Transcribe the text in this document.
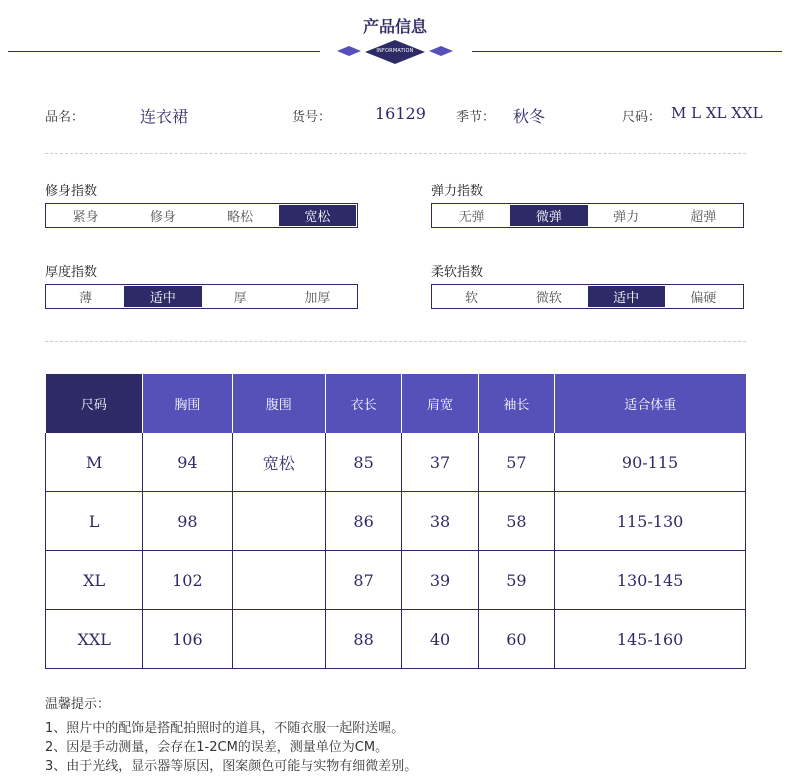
产品信息
INFORMATION
品名：	连衣裙	货号：	16129 季节： 秋冬	尺码： M L XL XXL
修身指数
紧身	修身	略松	宽松
弹力指数
无弹	微弹	弹力	超弹
厚度指数
薄	适中	厚	加厚
柔软指数
软	微软	适中	偏硬
尺码	胸围	腹围	衣长	肩宽	袖长	适合体重
M	94	宽松	85	37	57	90-115
L	98		86	38	58	115-130
XL	102		87	39	59	130-145
XXL	106		88	40	60	145-160
温馨提示：
1、照片中的配饰是搭配拍照时的道具，不随衣服一起附送喔。
2、因是手动测量，会存在1-2CM的误差，测量单位为CM。
3、由于光线，显示器等原因，图案颜色可能与实物有细微差别。
